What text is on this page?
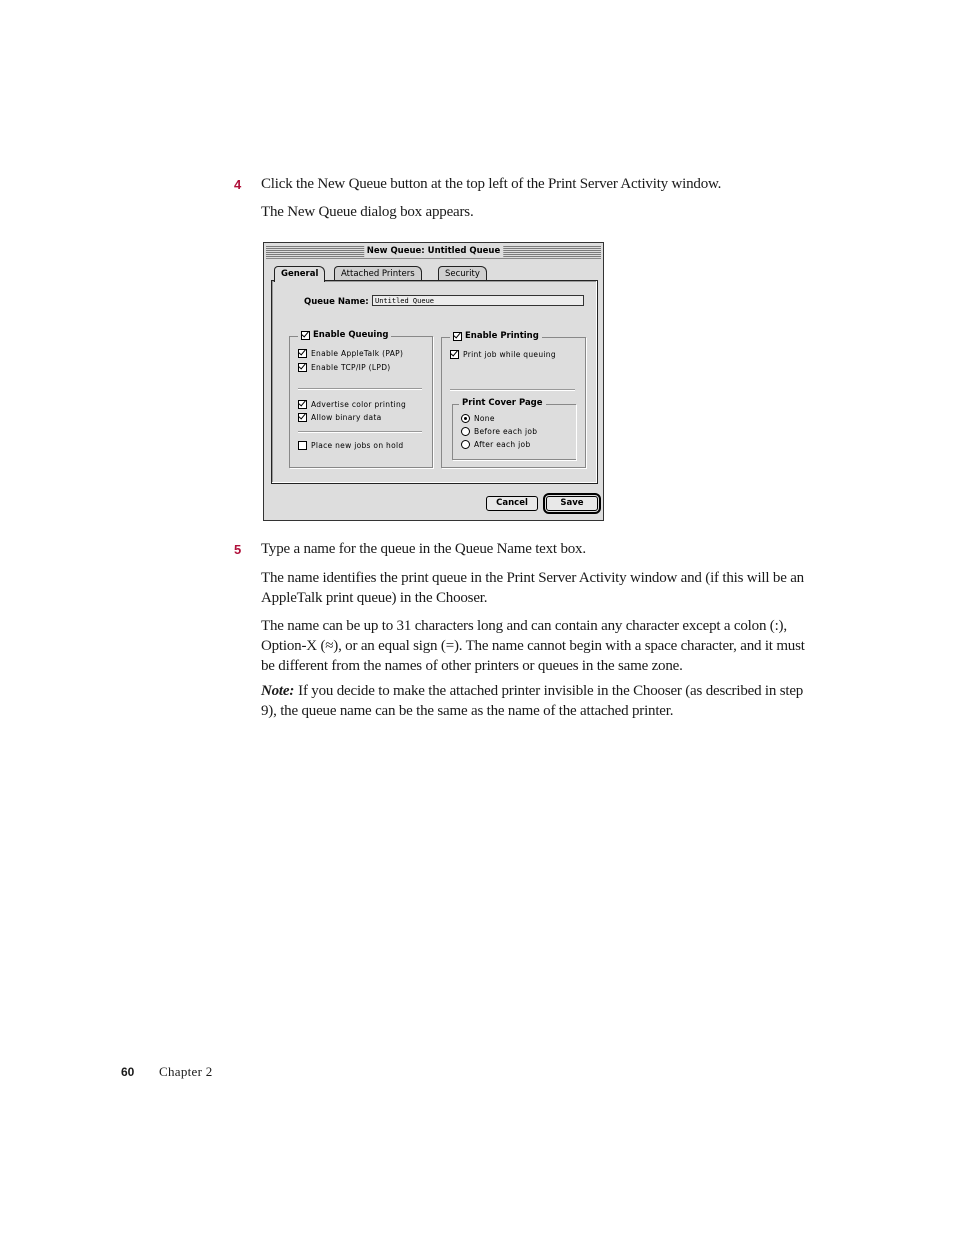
4 Click the New Queue button at the top left of the Print Server Activity window.
The New Queue dialog box appears.
New Queue: Untitled Queue
General	Attached Printers	Security
Queue Name: Untitled Queue
Enable Queuing
Enable AppleTalk (PAP)
Enable TCP/IP (LPD)
Advertise color printing
Allow binary data
Place new jobs on hold
Enable Printing
Print job while queuing
Print Cover Page
None
Before each job
After each job
Cancel	Save
5 Type a name for the queue in the Queue Name text box.
The name identifies the print queue in the Print Server Activity window and (if this will be an AppleTalk print queue) in the Chooser.
The name can be up to 31 characters long and can contain any character except a colon (:), Option-X (≈), or an equal sign (=). The name cannot begin with a space character, and it must be different from the names of other printers or queues in the same zone.
Note: If you decide to make the attached printer invisible in the Chooser (as described in step 9), the queue name can be the same as the name of the attached printer.
60 Chapter 2
